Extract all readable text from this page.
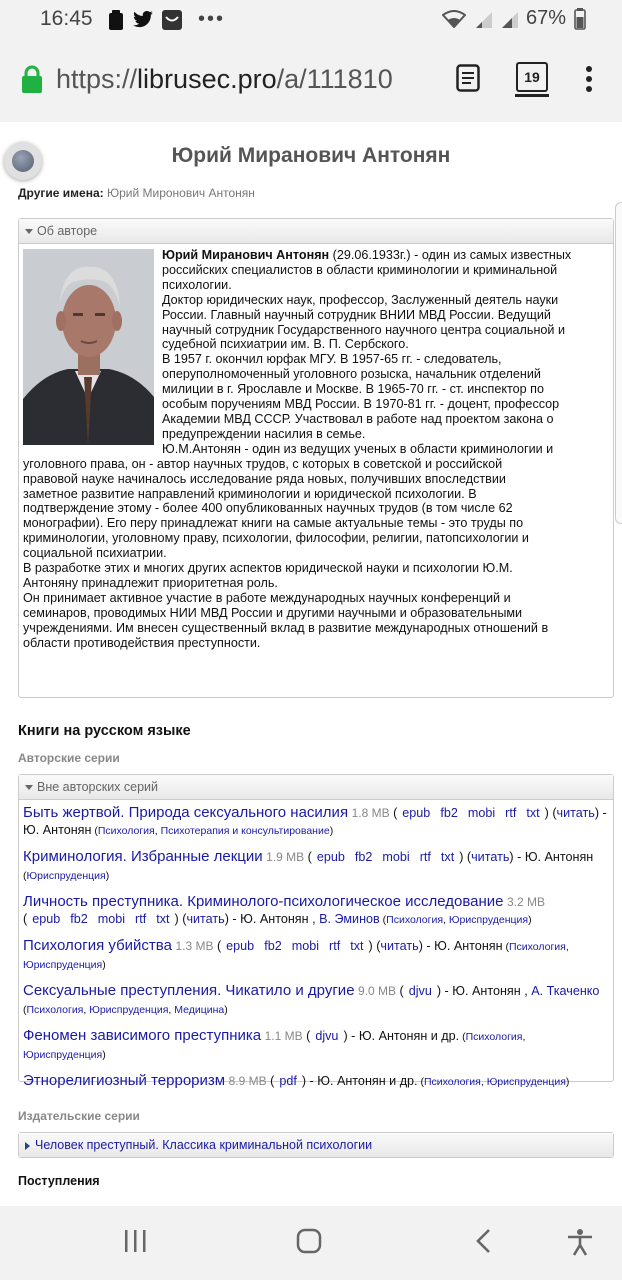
16:45	•••	67%
https://librusec.pro/a/111810	19
Юрий Миранович Антонян
Другие имена: Юрий Миронович Антонян
Об авторе
Юрий Миранович Антонян (29.06.1933г.) - один из самых известных
российских специалистов в области криминологии и криминальной
психологии.
Доктор юридических наук, профессор, Заслуженный деятель науки
России. Главный научный сотрудник ВНИИ МВД России. Ведущий
научный сотрудник Государственного научного центра социальной и
судебной психиатрии им. В. П. Сербского.
В 1957 г. окончил юрфак МГУ. В 1957-65 гг. - следователь,
оперуполномоченный уголовного розыска, начальник отделений
милиции в г. Ярославле и Москве. В 1965-70 гг. - ст. инспектор по
особым поручениям МВД России. В 1970-81 гг. - доцент, профессор
Академии МВД СССР. Участвовал в работе над проектом закона о
предупреждении насилия в семье.
Ю.М.Антонян - один из ведущих ученых в области криминологии и
уголовного права, он - автор научных трудов, с которых в советской и российской
правовой науке начиналось исследование ряда новых, получивших впоследствии
заметное развитие направлений криминологии и юридической психологии. В
подтверждение этому - более 400 опубликованных научных трудов (в том числе 62
монографии). Его перу принадлежат книги на самые актуальные темы - это труды по
криминологии, уголовному праву, психологии, философии, религии, патопсихологии и
социальной психиатрии.
В разработке этих и многих других аспектов юридической науки и психологии Ю.М.
Антоняну принадлежит приоритетная роль.
Он принимает активное участие в работе международных научных конференций и
семинаров, проводимых НИИ МВД России и другими научными и образовательными
учреждениями. Им внесен существенный вклад в развитие международных отношений в
области противодействия преступности.
Книги на русском языке
Авторские серии
Вне авторских серий
Быть жертвой. Природа сексуального насилия 1.8 MB ( epub fb2 mobi rtf txt ) (читать) - Ю. Антонян (Психология, Психотерапия и консультирование)
Криминология. Избранные лекции 1.9 MB ( epub fb2 mobi rtf txt ) (читать) - Ю. Антонян (Юриспруденция)
Личность преступника. Криминолого-психологическое исследование 3.2 MB ( epub fb2 mobi rtf txt ) (читать) - Ю. Антонян , В. Эминов (Психология, Юриспруденция)
Психология убийства 1.3 MB ( epub fb2 mobi rtf txt ) (читать) - Ю. Антонян (Психология, Юриспруденция)
Сексуальные преступления. Чикатило и другие 9.0 MB ( djvu ) - Ю. Антонян , А. Ткаченко (Психология, Юриспруденция, Медицина)
Феномен зависимого преступника 1.1 MB ( djvu ) - Ю. Антонян и др. (Психология, Юриспруденция)
Этнорелигиозный терроризм 8.9 MB ( pdf ) - Ю. Антонян и др. (Психология, Юриспруденция)
Издательские серии
Человек преступный. Классика криминальной психологии
Поступления
